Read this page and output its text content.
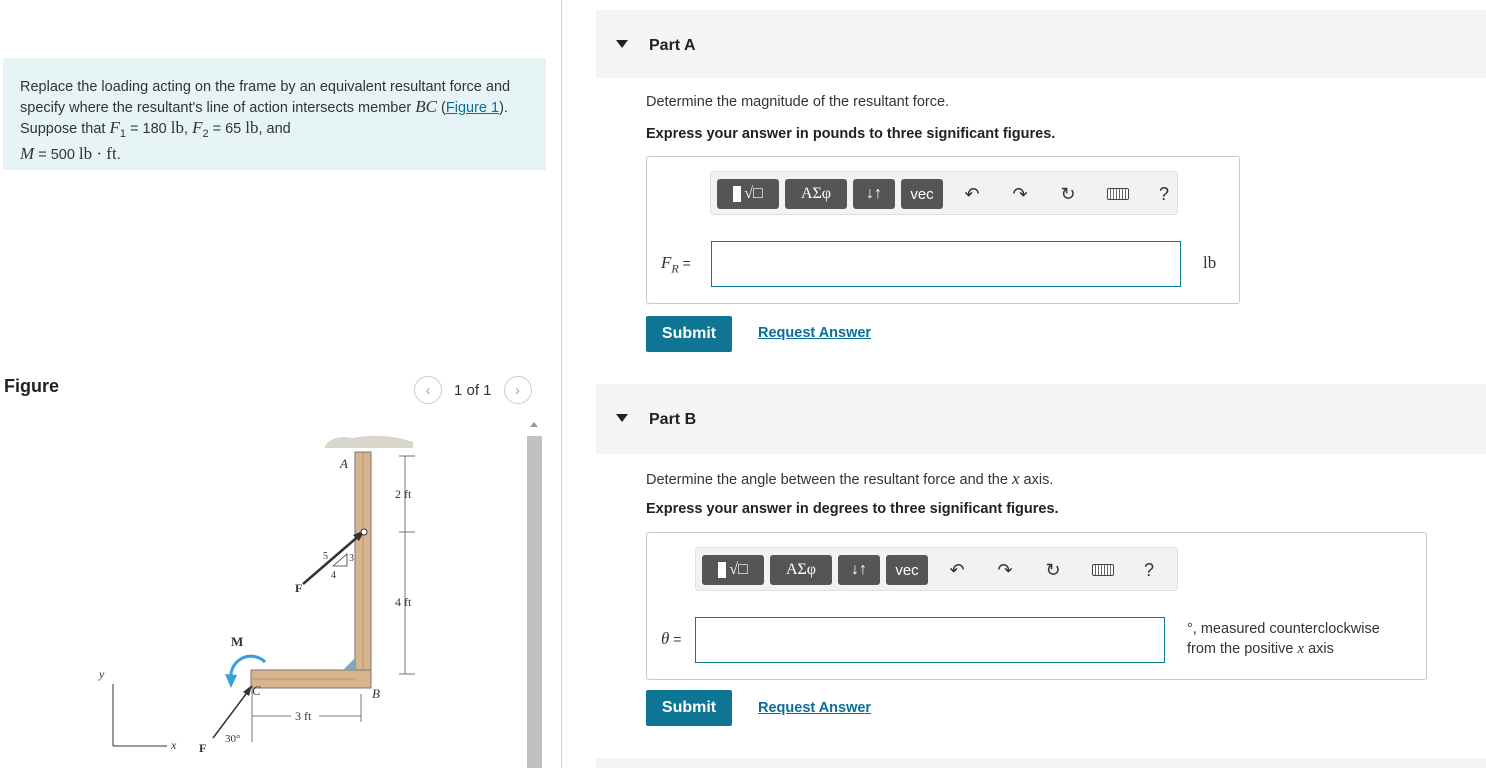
Replace the loading acting on the frame by an equivalent resultant force and specify where the resultant's line of action intersects member BC (Figure 1). Suppose that $F_1 = 180$ lb, $F_2 = 65$ lb, and
M = 500 lb · ft.
Figure	‹	1 of 1	›
2 ft
4 ft
A
B
C
5 3
4
F
M
30°
F
3 ft
y
x
Part A
Determine the magnitude of the resultant force.
Express your answer in pounds to three significant figures.
√□	ΑΣφ	↓↑	vec	↶ ↷ ↻	?
$F_R$ =	lb
Submit	Request Answer
Part B
Determine the angle between the resultant force and the x axis.
Express your answer in degrees to three significant figures.
√□	ΑΣφ	↓↑	vec	↶ ↷ ↻	?
θ =
°, measured counterclockwise
from the positive x axis
Submit	Request Answer
